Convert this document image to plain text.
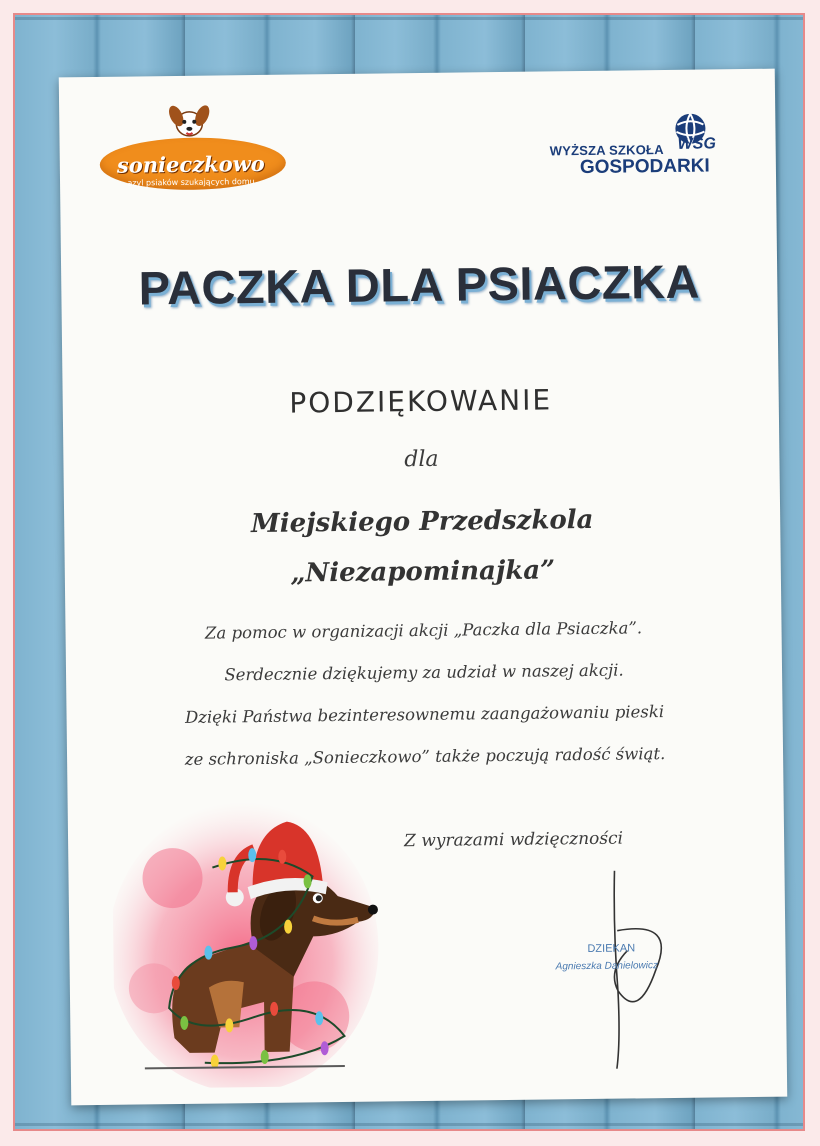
sonieczkowo
azyl psiaków szukających domu
WYŻSZA SZKOŁA WSG
GOSPODARKI
PACZKA DLA PSIACZKA
PODZIĘKOWANIE
dla
Miejskiego Przedszkola
„Niezapominajka”
Za pomoc w organizacji akcji „Paczka dla Psiaczka”.
Serdecznie dziękujemy za udział w naszej akcji.
Dzięki Państwa bezinteresownemu zaangażowaniu pieski
ze schroniska „Sonieczkowo” także poczują radość świąt.
Z wyrazami wdzięczności
DZIEKAN
Agnieszka Danielowicz
